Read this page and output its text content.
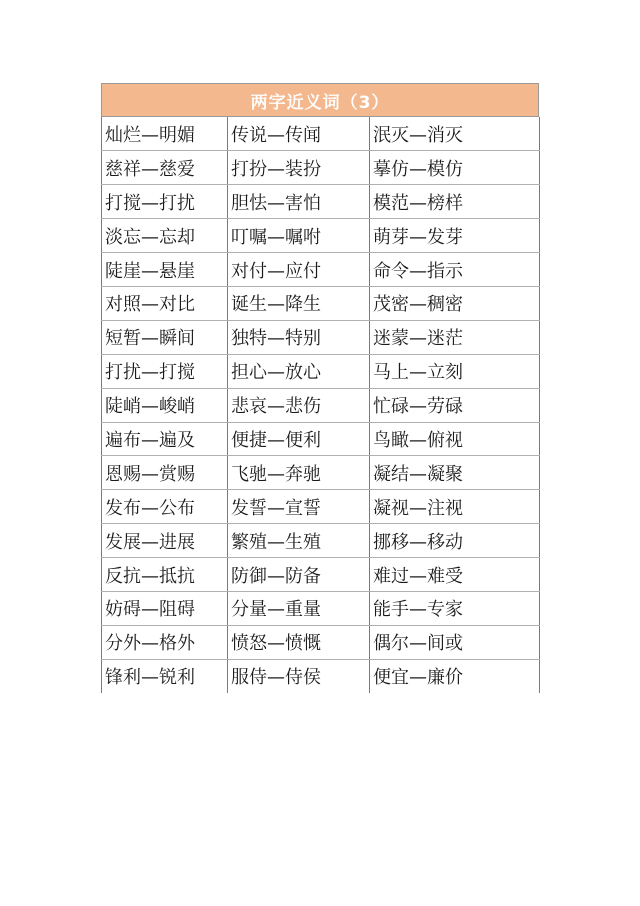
两字近义词（3）
灿烂—明媚	传说—传闻	泯灭—消灭
慈祥—慈爱	打扮—装扮	摹仿—模仿
打搅—打扰	胆怯—害怕	模范—榜样
淡忘—忘却	叮嘱—嘱咐	萌芽—发芽
陡崖—悬崖	对付—应付	命令—指示
对照—对比	诞生—降生	茂密—稠密
短暂—瞬间	独特—特别	迷蒙—迷茫
打扰—打搅	担心—放心	马上—立刻
陡峭—峻峭	悲哀—悲伤	忙碌—劳碌
遍布—遍及	便捷—便利	鸟瞰—俯视
恩赐—赏赐	飞驰—奔驰	凝结—凝聚
发布—公布	发誓—宣誓	凝视—注视
发展—进展	繁殖—生殖	挪移—移动
反抗—抵抗	防御—防备	难过—难受
妨碍—阻碍	分量—重量	能手—专家
分外—格外	愤怒—愤慨	偶尔—间或
锋利—锐利	服侍—侍侯	便宜—廉价
